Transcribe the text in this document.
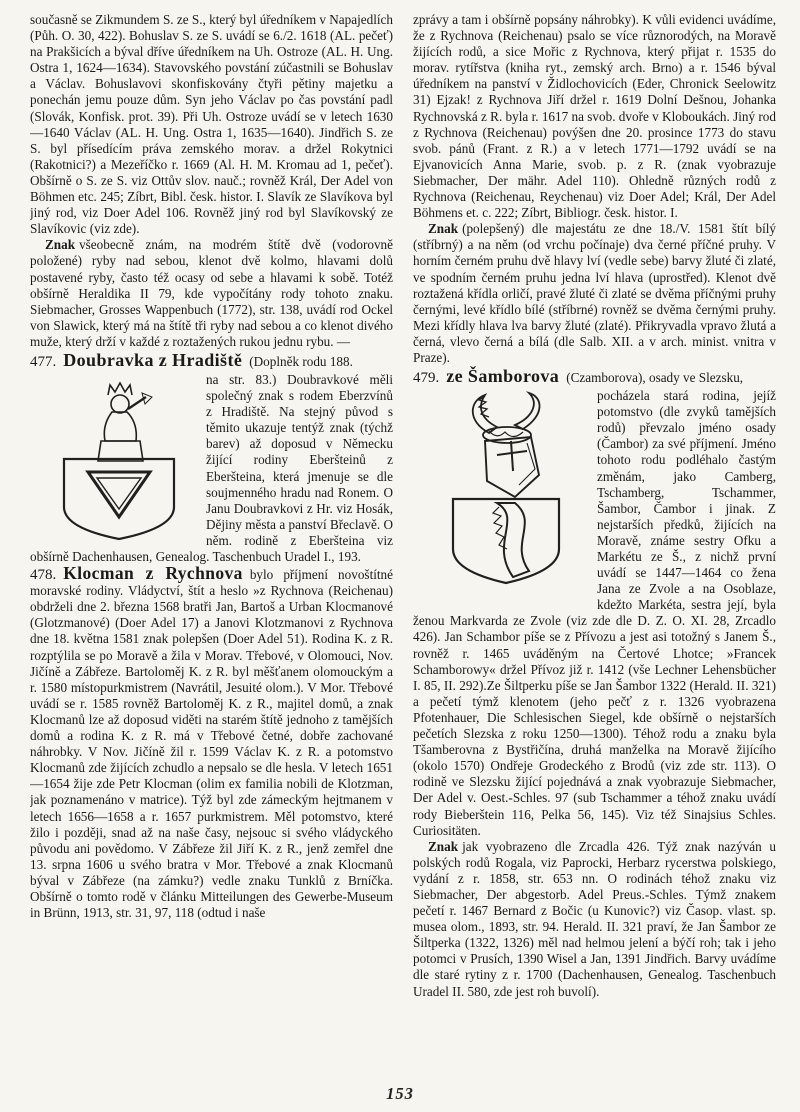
současně se Zikmundem S. ze S., který byl úředníkem v Napajedlích (Půh. O. 30, 422). Bohuslav S. ze S. uvádí se 6./2. 1618 (AL. pečeť) na Prakšicích a býval dříve úředníkem na Uh. Ostroze (AL. H. Ung. Ostra 1, 1624—1634). Stavovského povstání zúčastnili se Bohuslav a Václav. Bohuslavovi skonfiskovány čtyři pětiny majetku a ponechán jemu pouze dům. Syn jeho Václav po čas povstání padl (Slovák, Konfisk. prot. 39). Při Uh. Ostroze uvádí se v letech 1630—1640 Václav (AL. H. Ung. Ostra 1, 1635—1640). Jindřich S. ze S. byl přísedícím práva zemského morav. a držel Rokytnici (Rakotnici?) a Mezeříčko r. 1669 (Al. H. M. Kromau ad 1, pečeť). Obšírně o S. ze S. viz Ottův slov. nauč.; rovněž Král, Der Adel von Böhmen etc. 245; Zíbrt, Bibl. česk. histor. I. Slavík ze Slavíkova byl jiný rod, viz Doer Adel 106. Rovněž jiný rod byl Slavíkovský ze Slavíkovic (viz zde).

Znak všeobecně znám, na modrém štítě dvě (vodorovně položené) ryby nad sebou, klenot dvě kolmo, hlavami dolů postavené ryby, často též ocasy od sebe a hlavami k sobě. Totéž obšírně Heraldika II 79, kde vypočítány rody tohoto znaku. Siebmacher, Grosses Wappenbuch (1772), str. 138, uvádí rod Ockel von Slawick, který má na štítě tři ryby nad sebou a co klenot divého muže, který drží v každé z roztažených rukou jednu rybu. —

477. Doubravka z Hradiště (Doplněk rodu 188.

na str. 83.) Doubravkové měli společný znak s rodem Eberzvínů z Hradiště. Na stejný původ s těmito ukazuje tentýž znak (týchž barev) až doposud v Německu žijící rodiny Eberšteinů z Eberšteina, která jmenuje se dle soujmenného hradu nad Ronem. O Janu Doubravkovi z Hr. viz Hosák, Dějiny města a panství Břeclavě. O něm. rodině z Eberšteina viz obšírně Dachenhausen, Genealog. Taschenbuch Uradel I., 193.

478. Klocman z Rychnova bylo příjmení novoštítné moravské rodiny. Vládyctví, štít a heslo »z Rychnova (Reichenau) obdrželi dne 2. března 1568 bratři Jan, Bartoš a Urban Klocmanové (Glotzmanové) (Doer Adel 17) a Janovi Klotzmanovi z Rychnova dne 18. května 1581 znak polepšen (Doer Adel 51). Rodina K. z R. rozptýlila se po Moravě a žila v Morav. Třebové, v Olomouci, Nov. Jičíně a Zábřeze. Bartoloměj K. z R. byl měšťanem olomouckým a r. 1580 místopurkmistrem (Navrátil, Jesuité olom.). V Mor. Třebové uvádí se r. 1585 rovněž Bartoloměj K. z R., majitel domů, a znak Klocmanů lze až doposud viděti na starém štítě jednoho z tamějších domů a rodina K. z R. má v Třebové četné, dobře zachované náhrobky. V Nov. Jičíně žil r. 1599 Václav K. z R. a potomstvo Klocmanů zde žijících zchudlo a nepsalo se dle hesla. V letech 1651—1654 žije zde Petr Klocman (olim ex familia nobili de Klotzman, jak poznamenáno v matrice). Týž byl zde zámeckým hejtmanem v letech 1656—1658 a r. 1657 purkmistrem. Měl potomstvo, které žilo i později, snad až na naše časy, nejsouc si svého vládyckého původu ani povědomo. V Zábřeze žil Jiří K. z R., jenž zemřel dne 13. srpna 1606 u svého bratra v Mor. Třebové a znak Klocmanů býval v Zábřeze (na zámku?) vedle znaku Tunklů z Brníčka. Obšírně o tomto rodě v článku Mitteilungen des Gewerbe-Museum in Brünn, 1913, str. 31, 97, 118 (odtud i naše

zprávy a tam i obšírně popsány náhrobky). K vůli evidenci uvádíme, že z Rychnova (Reichenau) psalo se více různorodých, na Moravě žijících rodů, a sice Mořic z Rychnova, který přijat r. 1535 do morav. rytířstva (kniha ryt., zemský arch. Brno) a r. 1546 býval úředníkem na panství v Židlochovicích (Eder, Chronick Seelowitz 31) Ejzak! z Rychnova Jiří držel r. 1619 Dolní Dešnou, Johanka Rychnovská z R. byla r. 1617 na svob. dvoře v Kloboukách. Jiný rod z Rychnova (Reichenau) povýšen dne 20. prosince 1773 do stavu svob. pánů (Frant. z R.) a v letech 1771—1792 uvádí se na Ejvanovicích Anna Marie, svob. p. z R. (znak vyobrazuje Siebmacher, Der mähr. Adel 110). Ohledně různých rodů z Rychnova (Reichenau, Reychenau) viz Doer Adel; Král, Der Adel Böhmens et. c. 222; Zíbrt, Bibliogr. česk. histor. I.

Znak (polepšený) dle majestátu ze dne 18./V. 1581 štít bílý (stříbrný) a na něm (od vrchu počínaje) dva černé příčné pruhy. V horním černém pruhu dvě hlavy lví (vedle sebe) barvy žluté či zlaté, ve spodním černém pruhu jedna lví hlava (uprostřed). Klenot dvě roztažená křídla orličí, pravé žluté či zlaté se dvěma příčnými pruhy černými, levé křídlo bílé (stříbrné) rovněž se dvěma černými pruhy. Mezi křídly hlava lva barvy žluté (zlaté). Přikryvadla vpravo žlutá a černá, vlevo černá a bílá (dle Salb. XII. a v arch. minist. vnitra v Praze).

479. ze Šamborova (Czamborova), osady ve Slezsku,

pocházela stará rodina, jejíž potomstvo (dle zvyků tamějších rodů) převzalo jméno osady (Čambor) za své příjmení. Jméno tohoto rodu podléhalo častým změnám, jako Camberg, Tschamberg, Tschammer, Šambor, Čambor i jinak. Z nejstarších předků, žijících na Moravě, známe sestry Ofku a Markétu ze Š., z nichž první uvádí se 1447—1464 co žena Jana ze Zvole a na Osoblaze, kdežto Markéta, sestra její, byla ženou Markvarda ze Zvole (viz zde dle D. Z. O. XI. 28, Zrcadlo 426). Jan Schambor píše se z Přívozu a jest asi totožný s Janem Š., rovněž r. 1465 uváděným na Čertové Lhotce; »Francek Schamborowy« držel Přívoz již r. 1412 (vše Lechner Lehensbücher I. 85, II. 292).Ze Šiltperku píše se Jan Šambor 1322 (Herald. II. 321) a pečetí týmž klenotem (jeho pečť z r. 1326 vyobrazena Pfotenhauer, Die Schlesischen Siegel, kde obšírně o nejstarších pečetích Slezska z roku 1250—1300). Téhož rodu a znaku byla Tšamberovna z Bystřičína, druhá manželka na Moravě žijícího (okolo 1570) Ondřeje Grodeckého z Brodů (viz zde str. 113). O rodině ve Slezsku žijící pojednává a znak vyobrazuje Siebmacher, Der Adel v. Oest.-Schles. 97 (sub Tschammer a téhož znaku uvádí rody Bieberštein 116, Pelka 56, 145). Viz též Sinajsius Schles. Curiositäten.

Znak jak vyobrazeno dle Zrcadla 426. Týž znak nazýván u polských rodů Rogala, viz Paprocki, Herbarz rycerstwa polskiego, vydání z r. 1858, str. 653 nn. O rodinách téhož znaku viz Siebmacher, Der abgestorb. Adel Preus.-Schles. Týmž znakem pečetí r. 1467 Bernard z Bočic (u Kunovic?) viz Časop. vlast. sp. musea olom., 1893, str. 94. Herald. II. 321 praví, že Jan Šambor ze Šiltperka (1322, 1326) měl nad helmou jelení a býčí roh; tak i jeho potomci v Prusích, 1390 Wisel a Jan, 1391 Jindřich. Barvy uvádíme dle staré rytiny z r. 1700 (Dachenhausen, Genealog. Taschenbuch Uradel II. 580, zde jest roh buvolí).

153
